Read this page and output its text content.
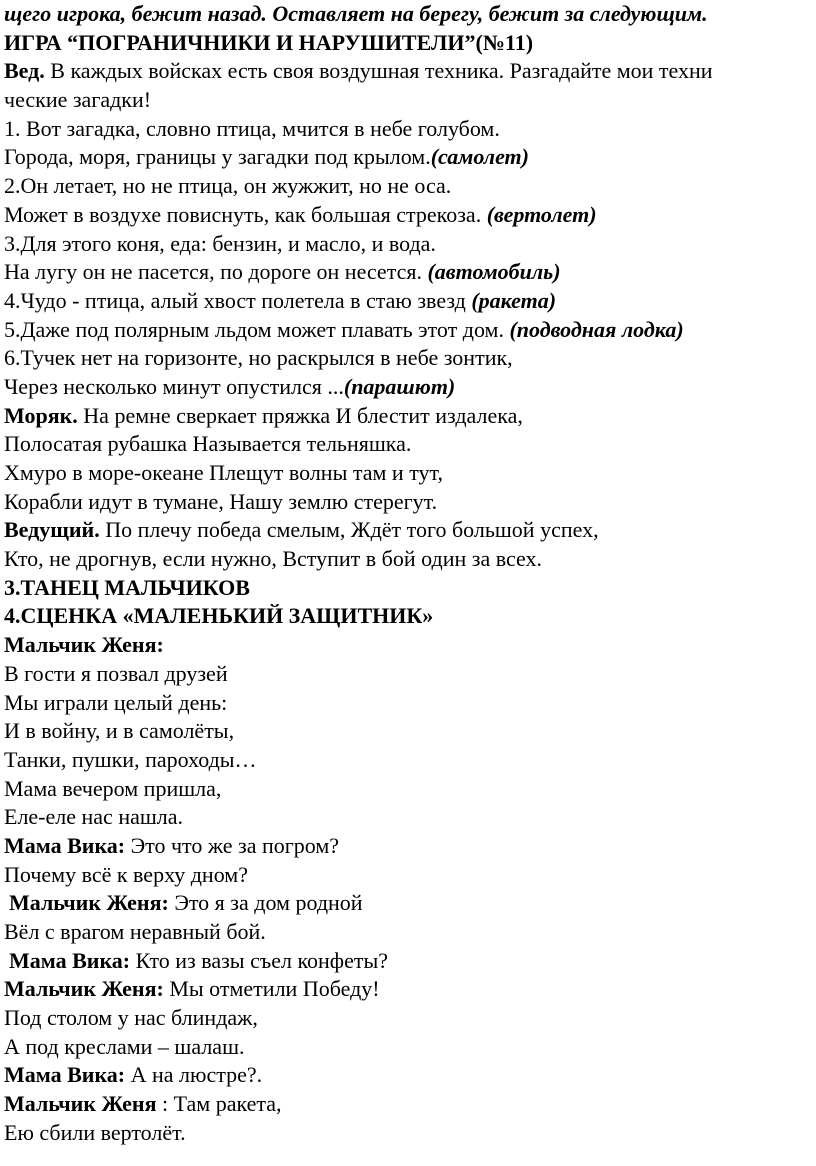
щего игрока, бежит назад. Оставляет на берегу, бежит за следующим.
ИГРА “ПОГРАНИЧНИКИ И НАРУШИТЕЛИ”(№11)
Вед. В каждых войсках есть своя воздушная техника. Разгадайте мои техни
ческие загадки!
1. Вот загадка, словно птица, мчится в небе голубом.
Города, моря, границы у загадки под крылом.(самолет)
2.Он летает, но не птица, он жужжит, но не оса.
Может в воздухе повиснуть, как большая стрекоза. (вертолет)
3.Для этого коня, еда: бензин, и масло, и вода.
На лугу он не пасется, по дороге он несется. (автомобиль)
4.Чудо - птица, алый хвост полетела в стаю звезд (ракета)
5.Даже под полярным льдом может плавать этот дом. (подводная лодка)
6.Тучек нет на горизонте, но раскрылся в небе зонтик,
Через несколько минут опустился ...(парашют)
Моряк. На ремне сверкает пряжка И блестит издалека,
Полосатая рубашка Называется тельняшка.
Хмуро в море-океане Плещут волны там и тут,
Корабли идут в тумане, Нашу землю стерегут.
Ведущий. По плечу победа смелым, Ждёт того большой успех,
Кто, не дрогнув, если нужно, Вступит в бой один за всех.
3.ТАНЕЦ МАЛЬЧИКОВ
4.СЦЕНКА «МАЛЕНЬКИЙ ЗАЩИТНИК»
Мальчик Женя:
В гости я позвал друзей
Мы играли целый день:
И в войну, и в самолёты,
Танки, пушки, пароходы…
Мама вечером пришла,
Еле-еле нас нашла.
Мама Вика: Это что же за погром?
Почему всё к верху дном?
Мальчик Женя: Это я за дом родной
Вёл с врагом неравный бой.
Мама Вика: Кто из вазы съел конфеты?
Мальчик Женя: Мы отметили Победу!
Под столом у нас блиндаж,
А под креслами – шалаш.
Мама Вика: А на люстре?.
Мальчик Женя : Там ракета,
Ею сбили вертолёт.
